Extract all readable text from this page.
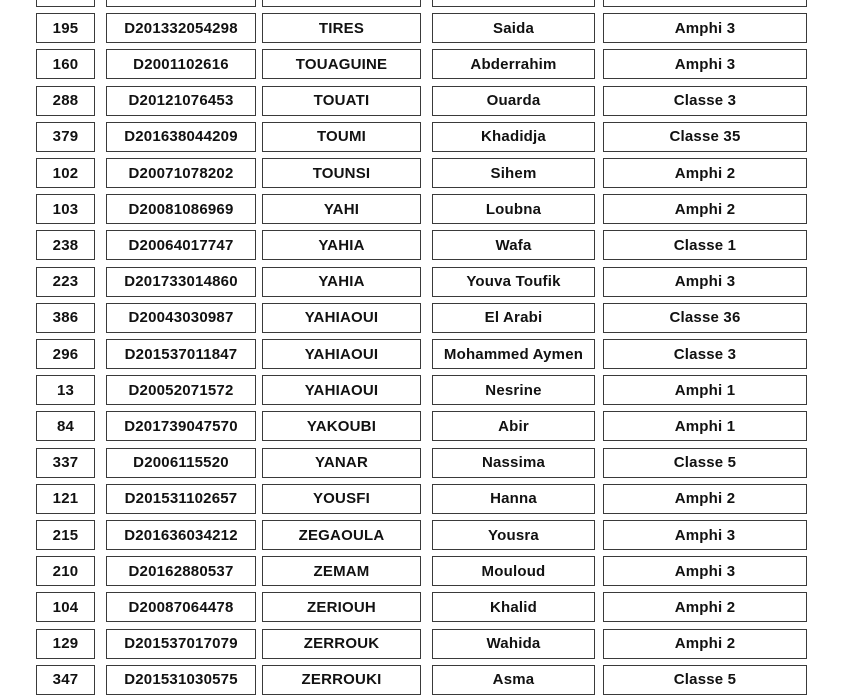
195	D201332054298	TIRES	Saida	Amphi 3
160	D2001102616	TOUAGUINE	Abderrahim	Amphi 3
288	D20121076453	TOUATI	Ouarda	Classe 3
379	D201638044209	TOUMI	Khadidja	Classe 35
102	D20071078202	TOUNSI	Sihem	Amphi 2
103	D20081086969	YAHI	Loubna	Amphi 2
238	D20064017747	YAHIA	Wafa	Classe 1
223	D201733014860	YAHIA	Youva Toufik	Amphi 3
386	D20043030987	YAHIAOUI	El Arabi	Classe 36
296	D201537011847	YAHIAOUI	Mohammed Aymen	Classe 3
13	D20052071572	YAHIAOUI	Nesrine	Amphi 1
84	D201739047570	YAKOUBI	Abir	Amphi 1
337	D2006115520	YANAR	Nassima	Classe 5
121	D201531102657	YOUSFI	Hanna	Amphi 2
215	D201636034212	ZEGAOULA	Yousra	Amphi 3
210	D20162880537	ZEMAM	Mouloud	Amphi 3
104	D20087064478	ZERIOUH	Khalid	Amphi 2
129	D201537017079	ZERROUK	Wahida	Amphi 2
347	D201531030575	ZERROUKI	Asma	Classe 5
